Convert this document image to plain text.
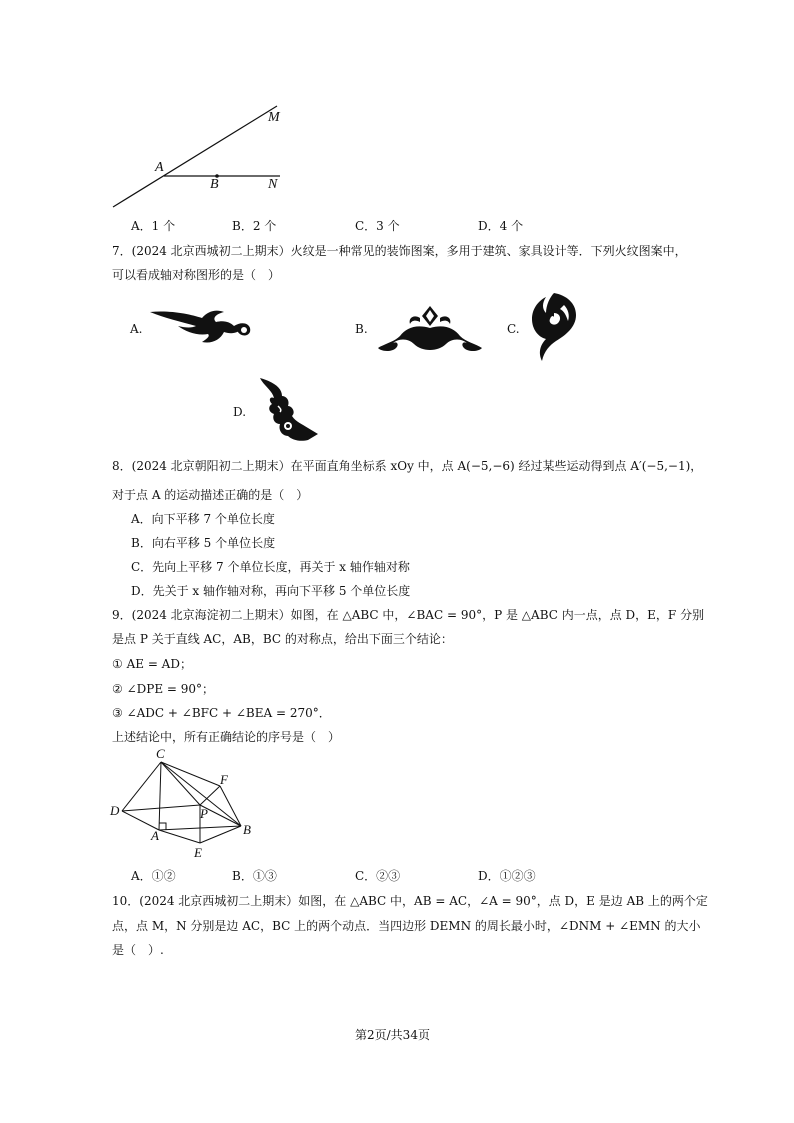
M
A
B	N
A．1 个	B．2 个	C．3 个	D．4 个
7．(2024 北京西城初二上期末）火纹是一种常见的装饰图案，多用于建筑、家具设计等．下列火纹图案中，
可以看成轴对称图形的是（　）
A.	B.	C.
D.
8．(2024 北京朝阳初二上期末）在平面直角坐标系 xOy 中，点 A(−5,−6) 经过某些运动得到点 A′(−5,−1)，
对于点 A 的运动描述正确的是（　）
A．向下平移 7 个单位长度
B．向右平移 5 个单位长度
C．先向上平移 7 个单位长度，再关于 x 轴作轴对称
D．先关于 x 轴作轴对称，再向下平移 5 个单位长度
9．(2024 北京海淀初二上期末）如图，在 △ABC 中，∠BAC = 90°，P 是 △ABC 内一点，点 D，E，F 分别
是点 P 关于直线 AC，AB，BC 的对称点，给出下面三个结论：
① AE = AD；
② ∠DPE = 90°；
③ ∠ADC + ∠BFC + ∠BEA = 270°．
上述结论中，所有正确结论的序号是（　）
C
F
D	P
A	B
E
A．①②	B．①③	C．②③	D．①②③
10．(2024 北京西城初二上期末）如图，在 △ABC 中，AB = AC，∠A = 90°，点 D，E 是边 AB 上的两个定
点，点 M，N 分别是边 AC，BC 上的两个动点．当四边形 DEMN 的周长最小时，∠DNM + ∠EMN 的大小
是（　）.
第2页/共34页
